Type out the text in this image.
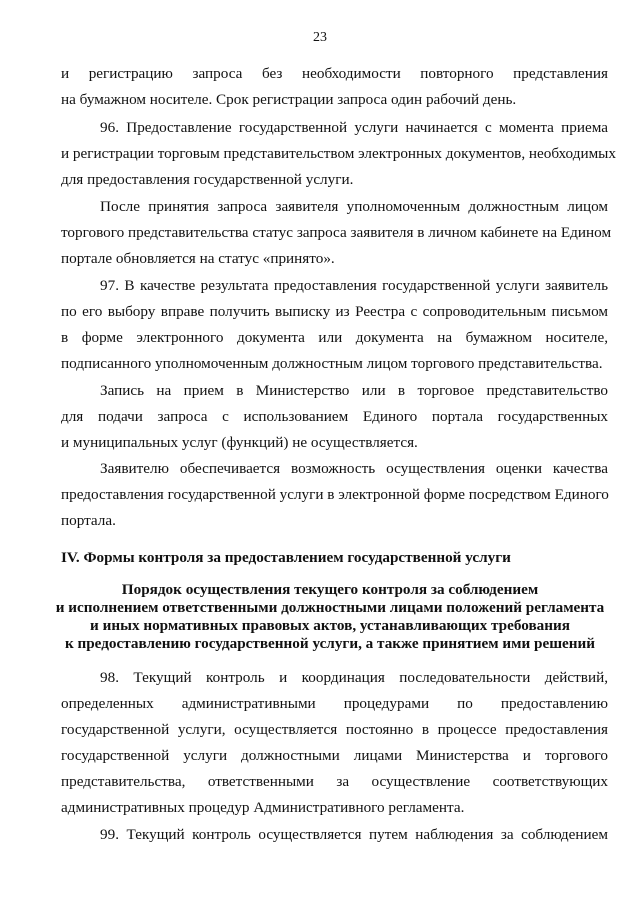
23
и регистрацию запроса без необходимости повторного представления
на бумажном носителе. Срок регистрации запроса один рабочий день.
96. Предоставление государственной услуги начинается с момента приема
и регистрации торговым представительством электронных документов, необходимых
для предоставления государственной услуги.
После принятия запроса заявителя уполномоченным должностным лицом
торгового представительства статус запроса заявителя в личном кабинете на Едином
портале обновляется на статус «принято».
97. В качестве результата предоставления государственной услуги заявитель
по его выбору вправе получить выписку из Реестра с сопроводительным письмом
в форме электронного документа или документа на бумажном носителе,
подписанного уполномоченным должностным лицом торгового представительства.
Запись на прием в Министерство или в торговое представительство
для подачи запроса с использованием Единого портала государственных
и муниципальных услуг (функций) не осуществляется.
Заявителю обеспечивается возможность осуществления оценки качества
предоставления государственной услуги в электронной форме посредством Единого
портала.
IV. Формы контроля за предоставлением государственной услуги
Порядок осуществления текущего контроля за соблюдением
и исполнением ответственными должностными лицами положений регламента
и иных нормативных правовых актов, устанавливающих требования
к предоставлению государственной услуги, а также принятием ими решений
98. Текущий контроль и координация последовательности действий,
определенных административными процедурами по предоставлению
государственной услуги, осуществляется постоянно в процессе предоставления
государственной услуги должностными лицами Министерства и торгового
представительства, ответственными за осуществление соответствующих
административных процедур Административного регламента.
99. Текущий контроль осуществляется путем наблюдения за соблюдением
